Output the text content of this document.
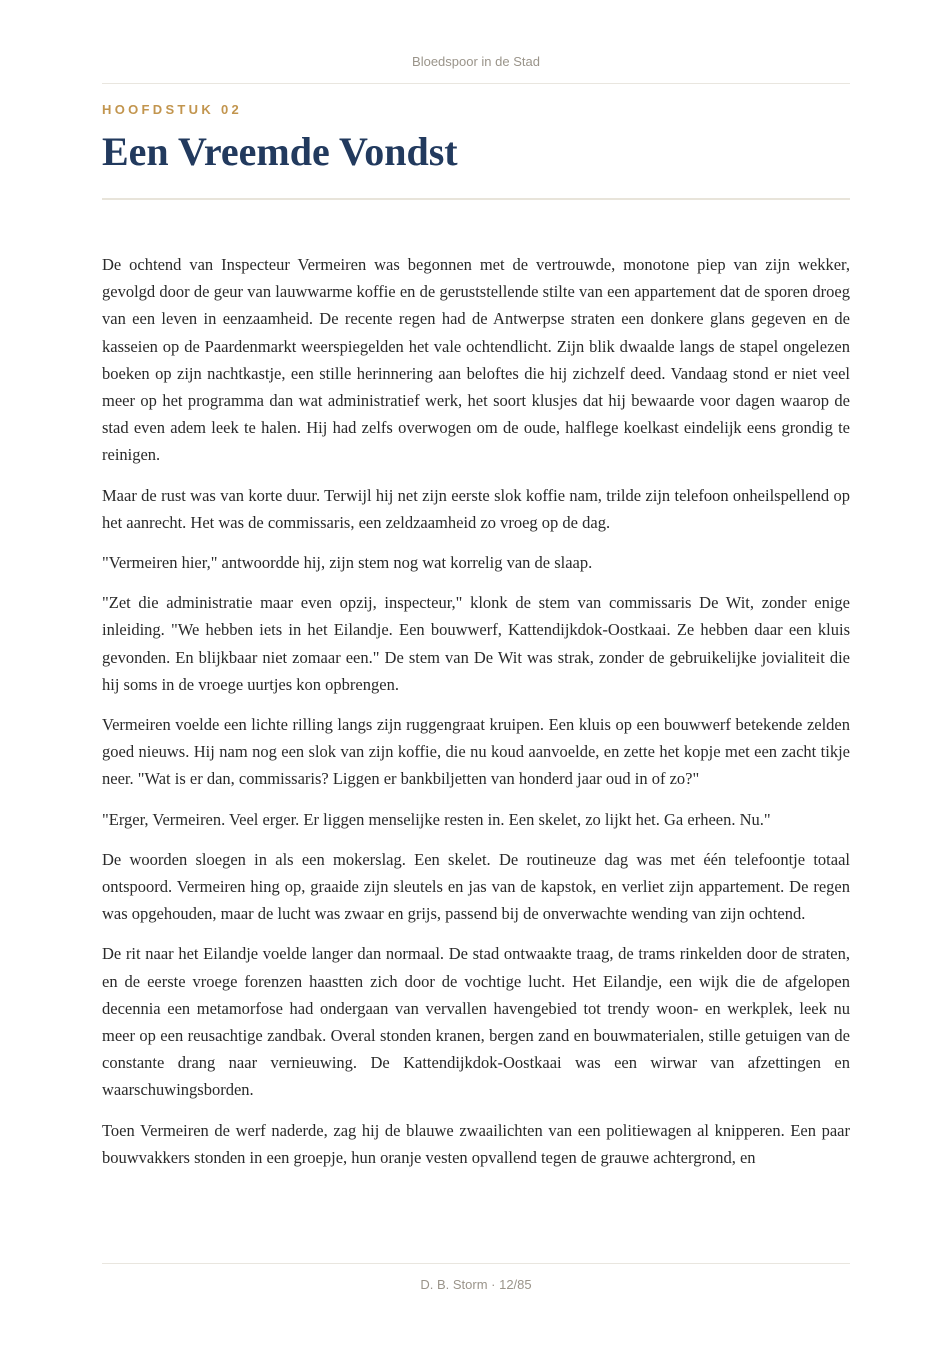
Bloedspoor in de Stad
HOOFDSTUK 02
Een Vreemde Vondst

De ochtend van Inspecteur Vermeiren was begonnen met de vertrouwde, monotone piep van zijn wekker, gevolgd door de geur van lauwwarme koffie en de geruststellende stilte van een appartement dat de sporen droeg van een leven in eenzaamheid. De recente regen had de Antwerpse straten een donkere glans gegeven en de kasseien op de Paardenmarkt weerspiegelden het vale ochtendlicht. Zijn blik dwaalde langs de stapel ongelezen boeken op zijn nachtkastje, een stille herinnering aan beloftes die hij zichzelf deed. Vandaag stond er niet veel meer op het programma dan wat administratief werk, het soort klusjes dat hij bewaarde voor dagen waarop de stad even adem leek te halen. Hij had zelfs overwogen om de oude, halflege koelkast eindelijk eens grondig te reinigen.

Maar de rust was van korte duur. Terwijl hij net zijn eerste slok koffie nam, trilde zijn telefoon onheilspellend op het aanrecht. Het was de commissaris, een zeldzaamheid zo vroeg op de dag.

"Vermeiren hier," antwoordde hij, zijn stem nog wat korrelig van de slaap.

"Zet die administratie maar even opzij, inspecteur," klonk de stem van commissaris De Wit, zonder enige inleiding. "We hebben iets in het Eilandje. Een bouwwerf, Kattendijkdok-Oostkaai. Ze hebben daar een kluis gevonden. En blijkbaar niet zomaar een." De stem van De Wit was strak, zonder de gebruikelijke jovialiteit die hij soms in de vroege uurtjes kon opbrengen.

Vermeiren voelde een lichte rilling langs zijn ruggengraat kruipen. Een kluis op een bouwwerf betekende zelden goed nieuws. Hij nam nog een slok van zijn koffie, die nu koud aanvoelde, en zette het kopje met een zacht tikje neer. "Wat is er dan, commissaris? Liggen er bankbiljetten van honderd jaar oud in of zo?"

"Erger, Vermeiren. Veel erger. Er liggen menselijke resten in. Een skelet, zo lijkt het. Ga erheen. Nu."

De woorden sloegen in als een mokerslag. Een skelet. De routineuze dag was met één telefoontje totaal ontspoord. Vermeiren hing op, graaide zijn sleutels en jas van de kapstok, en verliet zijn appartement. De regen was opgehouden, maar de lucht was zwaar en grijs, passend bij de onverwachte wending van zijn ochtend.

De rit naar het Eilandje voelde langer dan normaal. De stad ontwaakte traag, de trams rinkelden door de straten, en de eerste vroege forenzen haastten zich door de vochtige lucht. Het Eilandje, een wijk die de afgelopen decennia een metamorfose had ondergaan van vervallen havengebied tot trendy woon- en werkplek, leek nu meer op een reusachtige zandbak. Overal stonden kranen, bergen zand en bouwmaterialen, stille getuigen van de constante drang naar vernieuwing. De Kattendijkdok-Oostkaai was een wirwar van afzettingen en waarschuwingsborden.

Toen Vermeiren de werf naderde, zag hij de blauwe zwaailichten van een politiewagen al knipperen. Een paar bouwvakkers stonden in een groepje, hun oranje vesten opvallend tegen de grauwe achtergrond, en

D. B. Storm · 12/85
